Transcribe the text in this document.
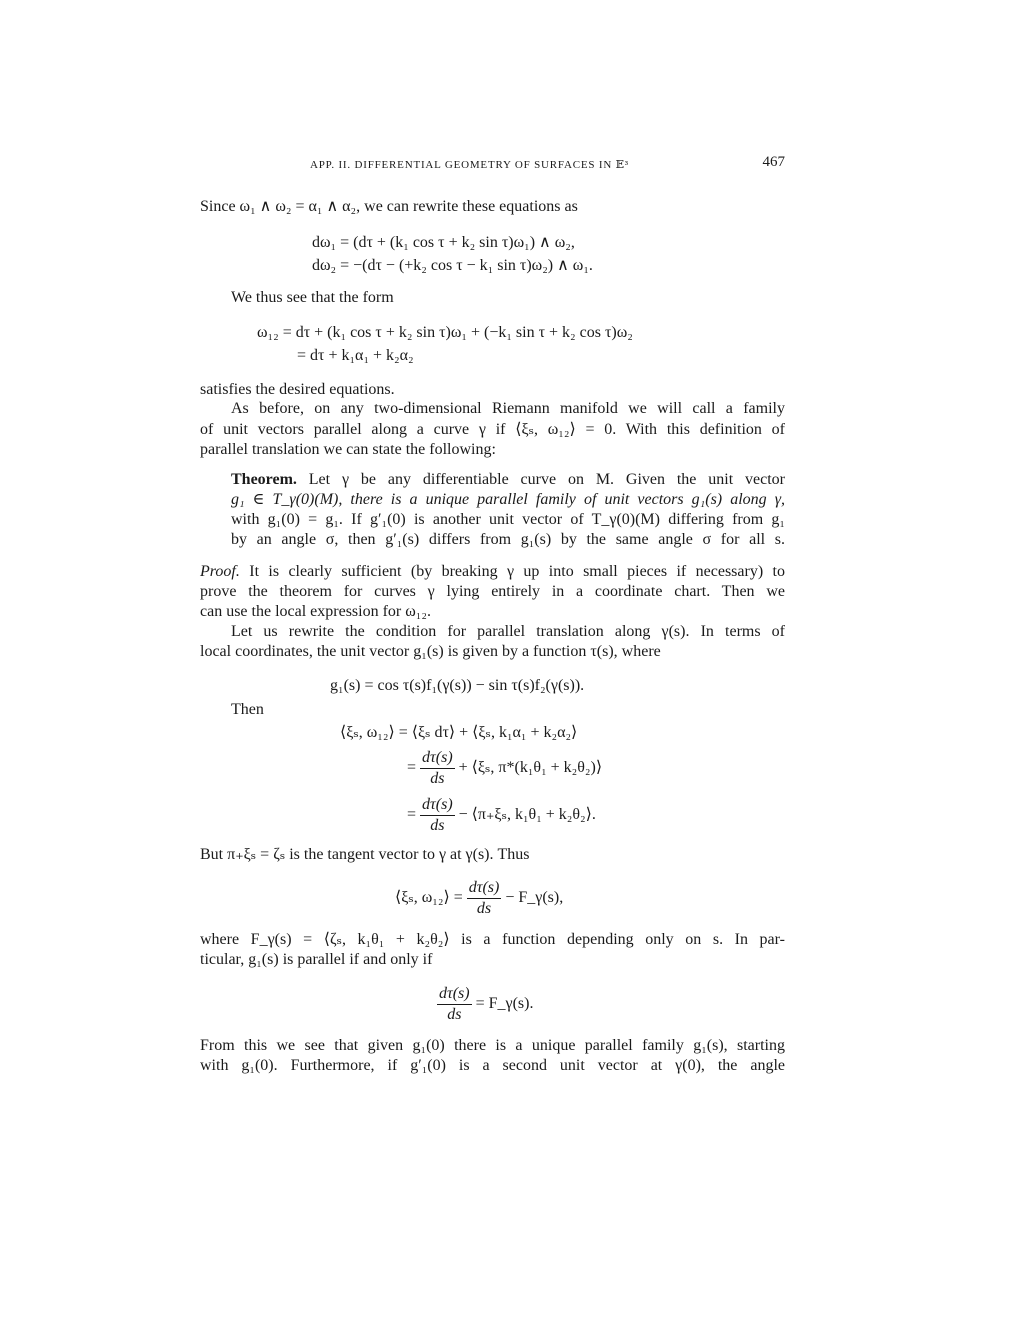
APP. II. DIFFERENTIAL GEOMETRY OF SURFACES IN 𝔼³	467
Since ω₁ ∧ ω₂ = α₁ ∧ α₂, we can rewrite these equations as
dω₁ = (dτ + (k₁ cos τ + k₂ sin τ)ω₁) ∧ ω₂,
dω₂ = −(dτ − (+k₂ cos τ − k₁ sin τ)ω₂) ∧ ω₁.
We thus see that the form
ω₁₂ = dτ + (k₁ cos τ + k₂ sin τ)ω₁ + (−k₁ sin τ + k₂ cos τ)ω₂
= dτ + k₁α₁ + k₂α₂
satisfies the desired equations.
As before, on any two-dimensional Riemann manifold we will call a family
of unit vectors parallel along a curve γ if ⟨ξₛ, ω₁₂⟩ = 0. With this definition of
parallel translation we can state the following:
Theorem. Let γ be any differentiable curve on M. Given the unit vector
g₁ ∈ T_γ(0)(M), there is a unique parallel family of unit vectors g₁(s) along γ,
with g₁(0) = g₁. If g′₁(0) is another unit vector of T_γ(0)(M) differing from g₁
by an angle σ, then g′₁(s) differs from g₁(s) by the same angle σ for all s.
Proof. It is clearly sufficient (by breaking γ up into small pieces if necessary) to
prove the theorem for curves γ lying entirely in a coordinate chart. Then we
can use the local expression for ω₁₂.
Let us rewrite the condition for parallel translation along γ(s). In terms of
local coordinates, the unit vector g₁(s) is given by a function τ(s), where
g₁(s) = cos τ(s)f₁(γ(s)) − sin τ(s)f₂(γ(s)).
Then
⟨ξₛ, ω₁₂⟩ = ⟨ξₛ dτ⟩ + ⟨ξₛ, k₁α₁ + k₂α₂⟩
= $\frac{d\tau(s)}{ds}$ + ⟨ξₛ, π*(k₁θ₁ + k₂θ₂)⟩
= $\frac{d\tau(s)}{ds}$ − ⟨π₊ξₛ, k₁θ₁ + k₂θ₂⟩.
But π₊ξₛ = ζₛ is the tangent vector to γ at γ(s). Thus
⟨ξₛ, ω₁₂⟩ = $\frac{d\tau(s)}{ds}$ − F_γ(s),
where F_γ(s) = ⟨ζₛ, k₁θ₁ + k₂θ₂⟩ is a function depending only on s. In par-
ticular, g₁(s) is parallel if and only if
$\frac{d\tau(s)}{ds}$ = F_γ(s).
From this we see that given g₁(0) there is a unique parallel family g₁(s), starting
with g₁(0). Furthermore, if g′₁(0) is a second unit vector at γ(0), the angle
